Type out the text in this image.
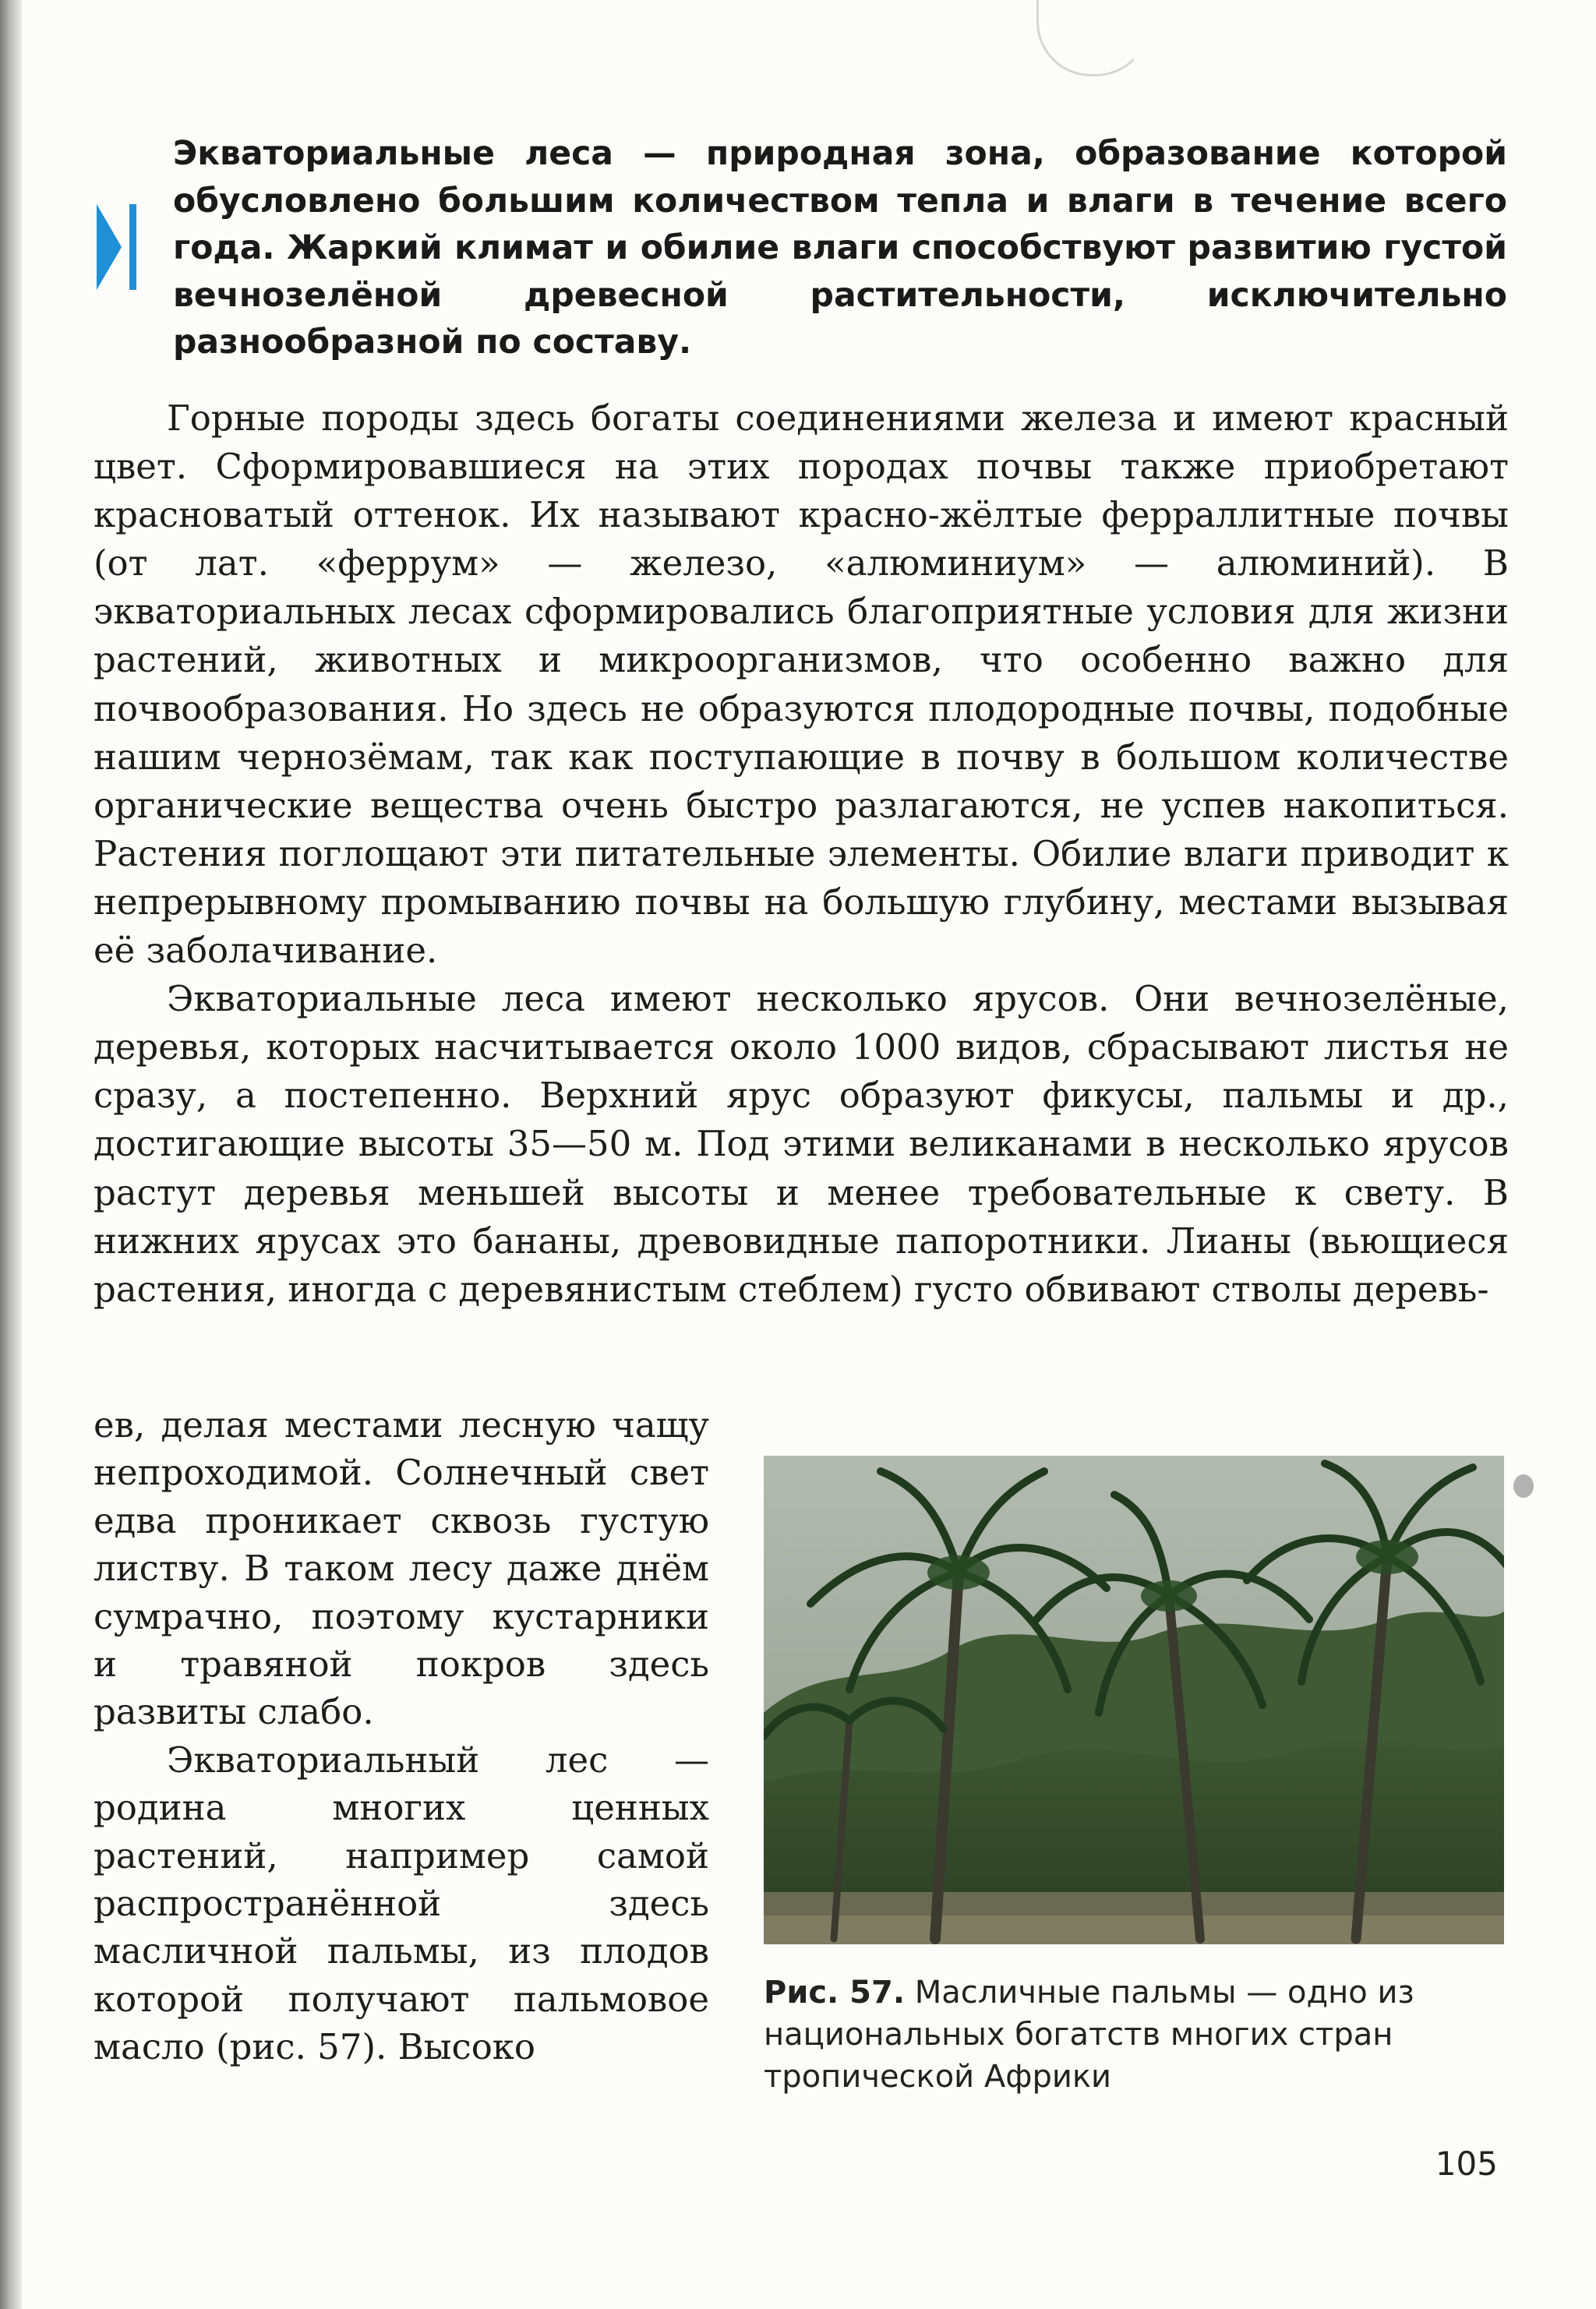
Экваториальные леса — природная зона, образование которой обусловлено большим количеством тепла и влаги в течение всего года. Жаркий климат и обилие влаги способствуют развитию густой вечнозелёной древесной растительности, исключительно разнообразной по составу.

Горные породы здесь богаты соединениями железа и имеют красный цвет. Сформировавшиеся на этих породах почвы также приобретают красноватый оттенок. Их называют красно-жёлтые ферраллитные почвы (от лат. «феррум» — железо, «алюминиум» — алюминий). В экваториальных лесах сформировались благоприятные условия для жизни растений, животных и микроорганизмов, что особенно важно для почвообразования. Но здесь не образуются плодородные почвы, подобные нашим чернозёмам, так как поступающие в почву в большом количестве органические вещества очень быстро разлагаются, не успев накопиться. Растения поглощают эти питательные элементы. Обилие влаги приводит к непрерывному промыванию почвы на большую глубину, местами вызывая её заболачивание.

Экваториальные леса имеют несколько ярусов. Они вечнозелёные, деревья, которых насчитывается около 1000 видов, сбрасывают листья не сразу, а постепенно. Верхний ярус образуют фикусы, пальмы и др., достигающие высоты 35—50 м. Под этими великанами в несколько ярусов растут деревья меньшей высоты и менее требовательные к свету. В нижних ярусах это бананы, древовидные папоротники. Лианы (вьющиеся растения, иногда с деревянистым стеблем) густо обвивают стволы деревь-

ев, делая местами лесную чащу непроходимой. Солнечный свет едва проникает сквозь густую листву. В таком лесу даже днём сумрачно, поэтому кустарники и травяной покров здесь развиты слабо.

Экваториальный лес — родина многих ценных растений, например самой распространённой здесь масличной пальмы, из плодов которой получают пальмовое масло (рис. 57). Высоко

Рис. 57. Масличные пальмы — одно из национальных богатств многих стран тропической Африки
105
